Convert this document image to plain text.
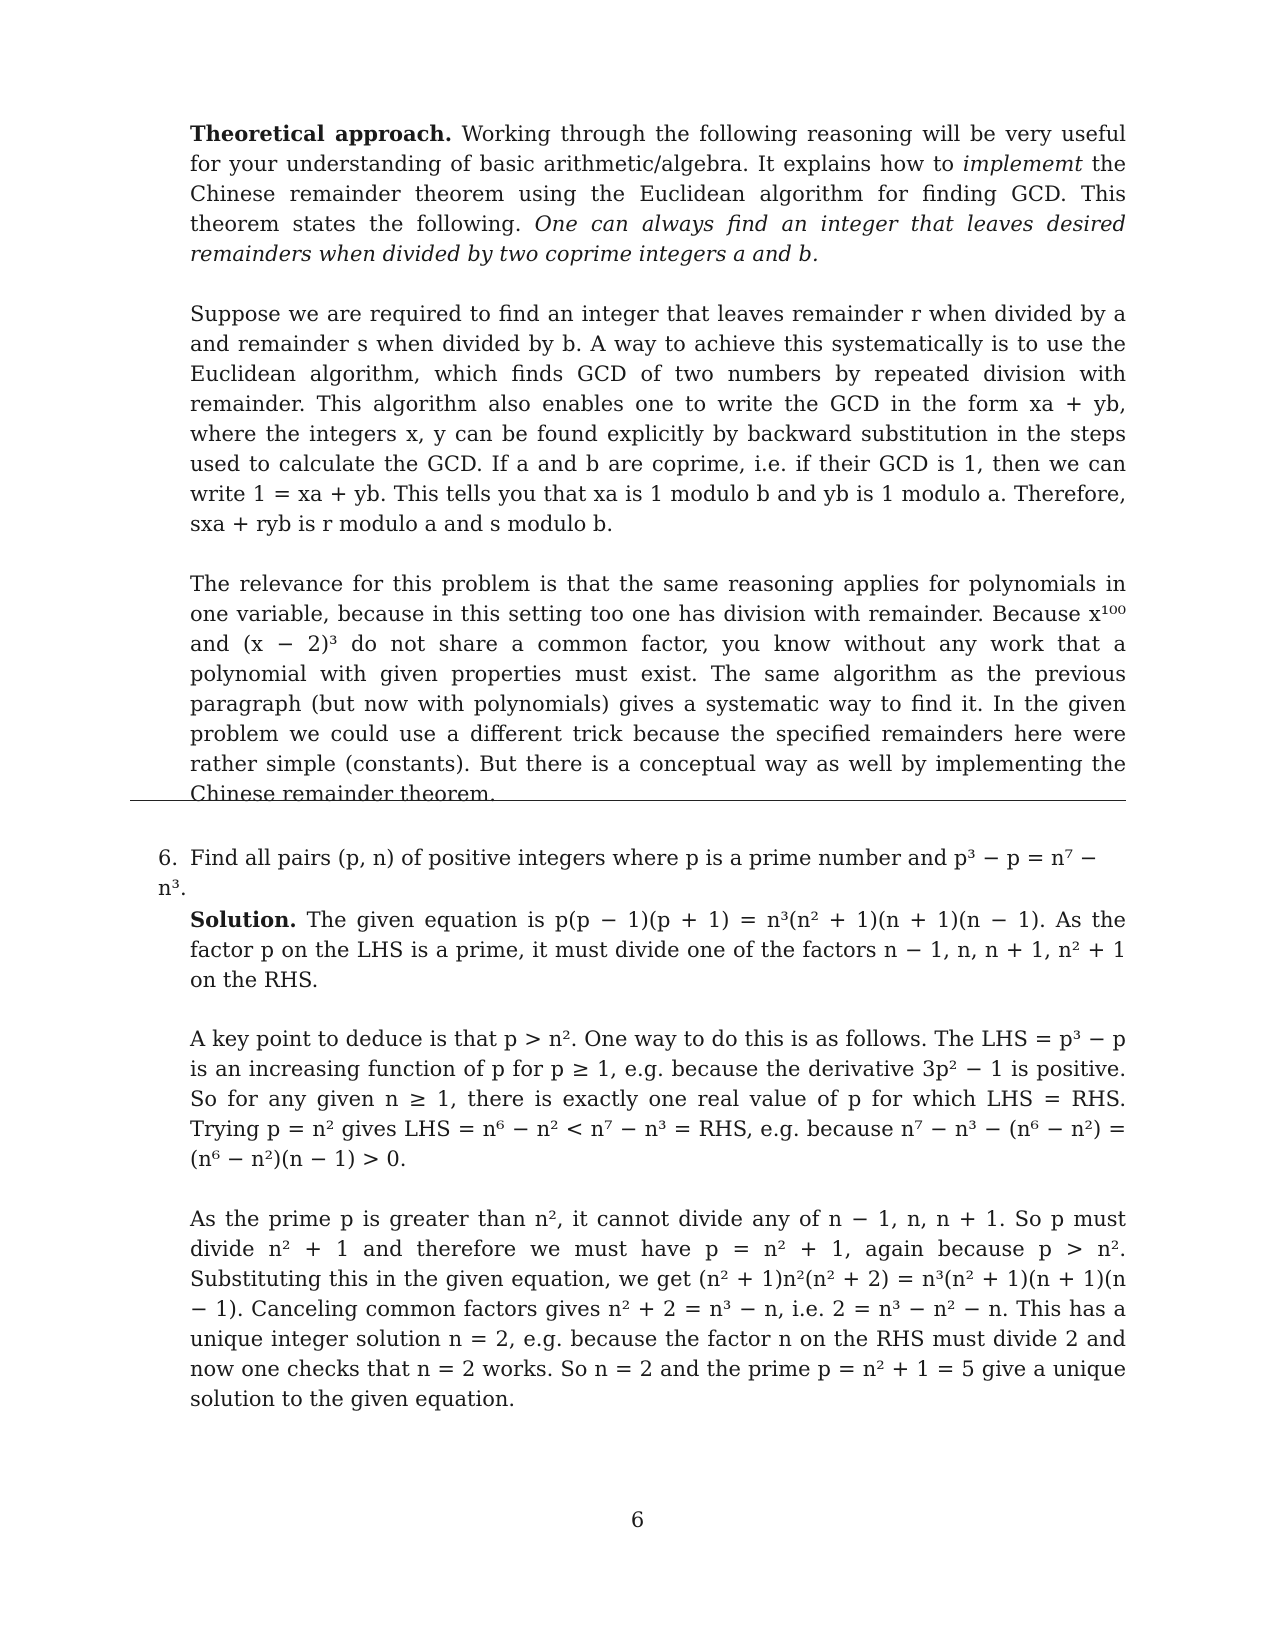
Theoretical approach. Working through the following reasoning will be very useful for your understanding of basic arithmetic/algebra. It explains how to implememt the Chinese remainder theorem using the Euclidean algorithm for finding GCD. This theorem states the following. One can always find an integer that leaves desired remainders when divided by two coprime integers a and b.
Suppose we are required to find an integer that leaves remainder r when divided by a and remainder s when divided by b. A way to achieve this systematically is to use the Euclidean algorithm, which finds GCD of two numbers by repeated division with remainder. This algorithm also enables one to write the GCD in the form xa + yb, where the integers x, y can be found explicitly by backward substitution in the steps used to calculate the GCD. If a and b are coprime, i.e. if their GCD is 1, then we can write 1 = xa + yb. This tells you that xa is 1 modulo b and yb is 1 modulo a. Therefore, sxa + ryb is r modulo a and s modulo b.
The relevance for this problem is that the same reasoning applies for polynomials in one variable, because in this setting too one has division with remainder. Because x¹⁰⁰ and (x − 2)³ do not share a common factor, you know without any work that a polynomial with given properties must exist. The same algorithm as the previous paragraph (but now with polynomials) gives a systematic way to find it. In the given problem we could use a different trick because the specified remainders here were rather simple (constants). But there is a conceptual way as well by implementing the Chinese remainder theorem.
6. Find all pairs (p, n) of positive integers where p is a prime number and p³ − p = n⁷ − n³.
Solution. The given equation is p(p − 1)(p + 1) = n³(n² + 1)(n + 1)(n − 1). As the factor p on the LHS is a prime, it must divide one of the factors n − 1, n, n + 1, n² + 1 on the RHS.
A key point to deduce is that p > n². One way to do this is as follows. The LHS = p³ − p is an increasing function of p for p ≥ 1, e.g. because the derivative 3p² − 1 is positive. So for any given n ≥ 1, there is exactly one real value of p for which LHS = RHS. Trying p = n² gives LHS = n⁶ − n² < n⁷ − n³ = RHS, e.g. because n⁷ − n³ − (n⁶ − n²) = (n⁶ − n²)(n − 1) > 0.
As the prime p is greater than n², it cannot divide any of n − 1, n, n + 1. So p must divide n² + 1 and therefore we must have p = n² + 1, again because p > n². Substituting this in the given equation, we get (n² + 1)n²(n² + 2) = n³(n² + 1)(n + 1)(n − 1). Canceling common factors gives n² + 2 = n³ − n, i.e. 2 = n³ − n² − n. This has a unique integer solution n = 2, e.g. because the factor n on the RHS must divide 2 and now one checks that n = 2 works. So n = 2 and the prime p = n² + 1 = 5 give a unique solution to the given equation.
6
